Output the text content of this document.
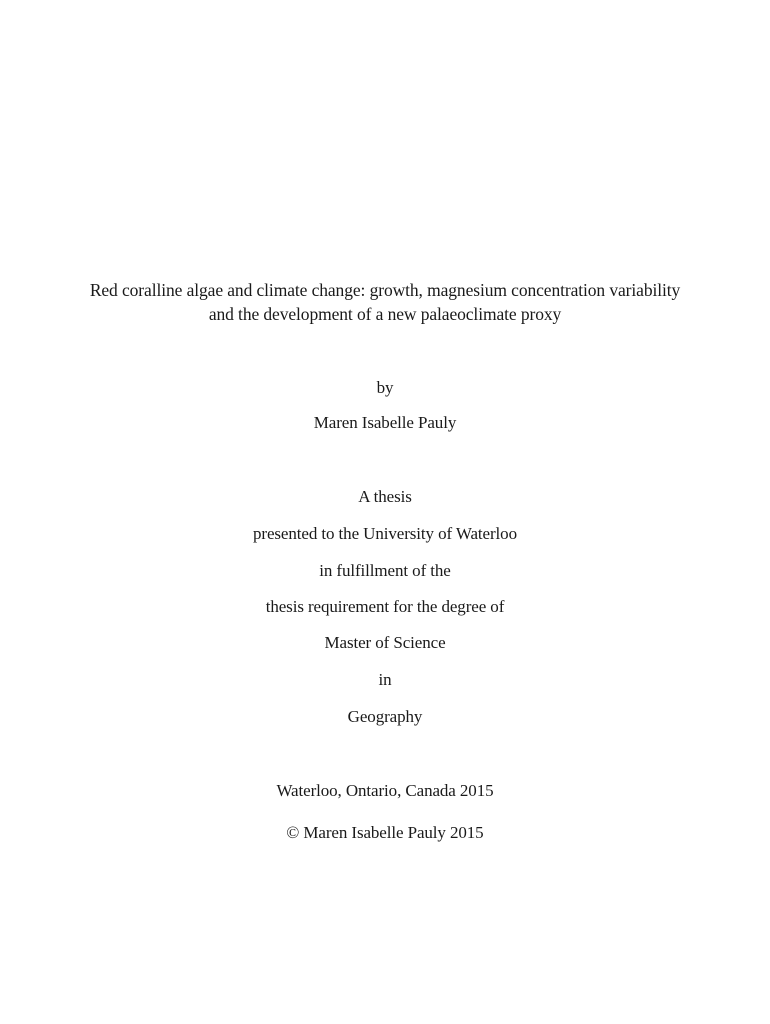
Red coralline algae and climate change: growth, magnesium concentration variability
and the development of a new palaeoclimate proxy
by
Maren Isabelle Pauly
A thesis
presented to the University of Waterloo
in fulfillment of the
thesis requirement for the degree of
Master of Science
in
Geography
Waterloo, Ontario, Canada 2015
© Maren Isabelle Pauly 2015
